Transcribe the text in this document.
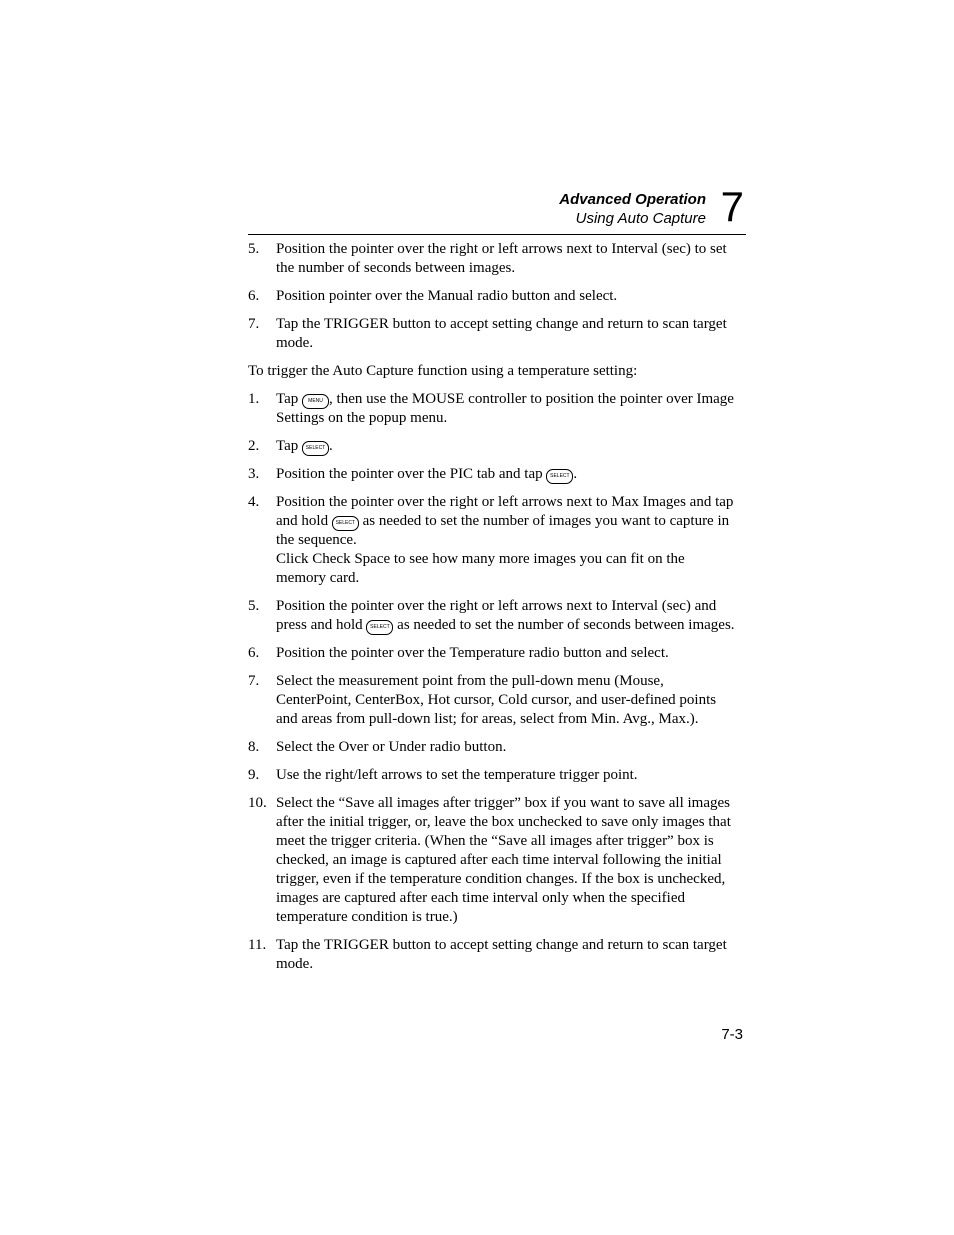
Advanced Operation
Using Auto Capture 7
5. Position the pointer over the right or left arrows next to Interval (sec) to set the number of seconds between images.
6. Position pointer over the Manual radio button and select.
7. Tap the TRIGGER button to accept setting change and return to scan target mode.

To trigger the Auto Capture function using a temperature setting:

1. Tap MENU , then use the MOUSE controller to position the pointer over Image Settings on the popup menu.
2. Tap SELECT .
3. Position the pointer over the PIC tab and tap SELECT .
4. Position the pointer over the right or left arrows next to Max Images and tap and hold SELECT as needed to set the number of images you want to capture in the sequence.
Click Check Space to see how many more images you can fit on the memory card.
5. Position the pointer over the right or left arrows next to Interval (sec) and press and hold SELECT as needed to set the number of seconds between images.
6. Position the pointer over the Temperature radio button and select.
7. Select the measurement point from the pull-down menu (Mouse, CenterPoint, CenterBox, Hot cursor, Cold cursor, and user-defined points and areas from pull-down list; for areas, select from Min. Avg., Max.).
8. Select the Over or Under radio button.
9. Use the right/left arrows to set the temperature trigger point.
10. Select the “Save all images after trigger” box if you want to save all images after the initial trigger, or, leave the box unchecked to save only images that meet the trigger criteria. (When the “Save all images after trigger” box is checked, an image is captured after each time interval following the initial trigger, even if the temperature condition changes. If the box is unchecked, images are captured after each time interval only when the specified temperature condition is true.)
11. Tap the TRIGGER button to accept setting change and return to scan target mode.
7-3
